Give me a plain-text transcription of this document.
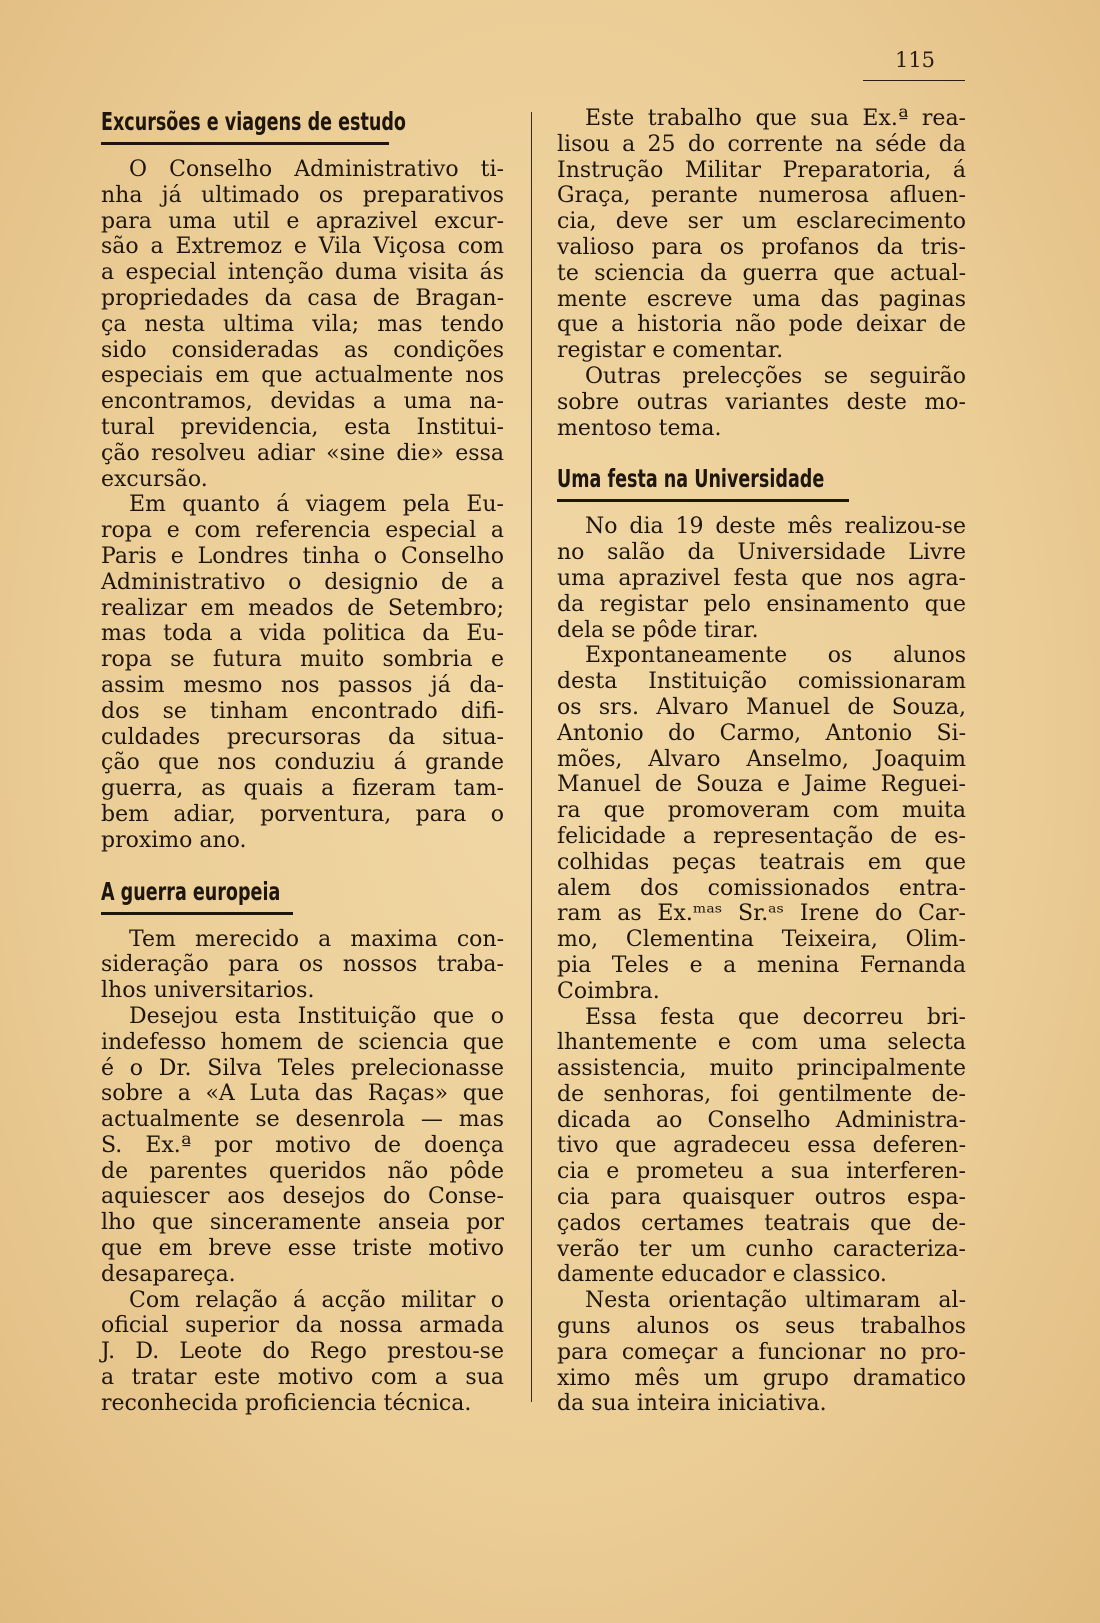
115
Excursões e viagens de estudo
O Conselho Administrativo ti-
nha já ultimado os preparativos
para uma util e aprazivel excur-
são a Extremoz e Vila Viçosa com
a especial intenção duma visita ás
propriedades da casa de Bragan-
ça nesta ultima vila; mas tendo
sido consideradas as condições
especiais em que actualmente nos
encontramos, devidas a uma na-
tural previdencia, esta Institui-
ção resolveu adiar «sine die» essa
excursão.
Em quanto á viagem pela Eu-
ropa e com referencia especial a
Paris e Londres tinha o Conselho
Administrativo o designio de a
realizar em meados de Setembro;
mas toda a vida politica da Eu-
ropa se futura muito sombria e
assim mesmo nos passos já da-
dos se tinham encontrado difi-
culdades precursoras da situa-
ção que nos conduziu á grande
guerra, as quais a fizeram tam-
bem adiar, porventura, para o
proximo ano.
A guerra europeia
Tem merecido a maxima con-
sideração para os nossos traba-
lhos universitarios.
Desejou esta Instituição que o
indefesso homem de sciencia que
é o Dr. Silva Teles prelecionasse
sobre a «A Luta das Raças» que
actualmente se desenrola — mas
S. Ex.ª por motivo de doença
de parentes queridos não pôde
aquiescer aos desejos do Conse-
lho que sinceramente anseia por
que em breve esse triste motivo
desapareça.
Com relação á acção militar o
oficial superior da nossa armada
J. D. Leote do Rego prestou-se
a tratar este motivo com a sua
reconhecida proficiencia técnica.
Este trabalho que sua Ex.ª rea-
lisou a 25 do corrente na séde da
Instrução Militar Preparatoria, á
Graça, perante numerosa afluen-
cia, deve ser um esclarecimento
valioso para os profanos da tris-
te sciencia da guerra que actual-
mente escreve uma das paginas
que a historia não pode deixar de
registar e comentar.
Outras prelecções se seguirão
sobre outras variantes deste mo-
mentoso tema.
Uma festa na Universidade
No dia 19 deste mês realizou-se
no salão da Universidade Livre
uma aprazivel festa que nos agra-
da registar pelo ensinamento que
dela se pôde tirar.
Expontaneamente os alunos
desta Instituição comissionaram
os srs. Alvaro Manuel de Souza,
Antonio do Carmo, Antonio Si-
mões, Alvaro Anselmo, Joaquim
Manuel de Souza e Jaime Reguei-
ra que promoveram com muita
felicidade a representação de es-
colhidas peças teatrais em que
alem dos comissionados entra-
ram as Ex.ᵐᵃˢ Sr.ᵃˢ Irene do Car-
mo, Clementina Teixeira, Olim-
pia Teles e a menina Fernanda
Coimbra.
Essa festa que decorreu bri-
lhantemente e com uma selecta
assistencia, muito principalmente
de senhoras, foi gentilmente de-
dicada ao Conselho Administra-
tivo que agradeceu essa deferen-
cia e prometeu a sua interferen-
cia para quaisquer outros espa-
çados certames teatrais que de-
verão ter um cunho caracteriza-
damente educador e classico.
Nesta orientação ultimaram al-
guns alunos os seus trabalhos
para começar a funcionar no pro-
ximo mês um grupo dramatico
da sua inteira iniciativa.
